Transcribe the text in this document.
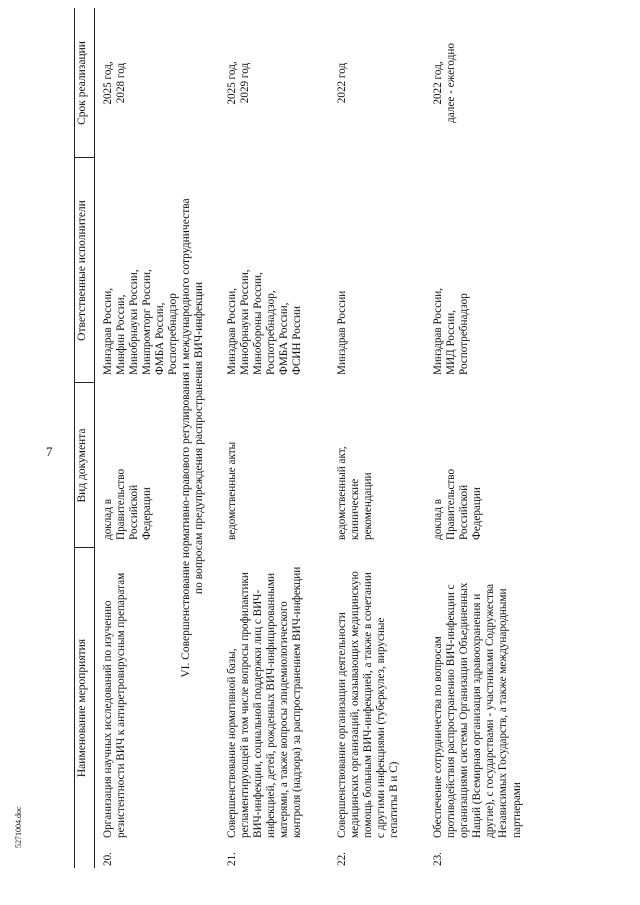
7
5271004.doc
Наименование мероприятия
Вид документа
Ответственные исполнители
Срок реализации
20.
Организация научных исследований по изучению резистентности ВИЧ к антиретровирусным препаратам
доклад в Правительство Российской Федерации
Минздрав России, Минфин России, Минобрнауки России, Минпромторг России, ФМБА России, Роспотребнадзор
2025 год, 2028 год
VI. Совершенствование нормативно-правового регулирования и международного сотрудничества по вопросам предупреждения распространения ВИЧ-инфекции
21.
Совершенствование нормативной базы, регламентирующей в том числе вопросы профилактики ВИЧ-инфекции, социальной поддержки лиц с ВИЧ- инфекцией, детей, рожденных ВИЧ-инфицированными матерями, а также вопросы эпидемиологического контроля (надзора) за распространением ВИЧ-инфекции
ведомственные акты
Минздрав России, Минобрнауки России, Минобороны России, Роспотребнадзор, ФМБА России, ФСИН России
2025 год, 2029 год
22.
Совершенствование организации деятельности медицинских организаций, оказывающих медицинскую помощь больным ВИЧ-инфекцией, а также в сочетании с другими инфекциями (туберкулез, вирусные гепатиты В и С)
ведомственный акт, клинические рекомендации
Минздрав России
2022 год
23.
Обеспечение сотрудничества по вопросам противодействия распространению ВИЧ-инфекции с организациями системы Организации Объединенных Наций (Всемирная организация здравоохранения и другие), с государствами - участниками Содружества Независимых Государств, а также международными партнерами
доклад в Правительство Российской Федерации
Минздрав России, МИД России, Роспотребнадзор
2022 год, далее - ежегодно
